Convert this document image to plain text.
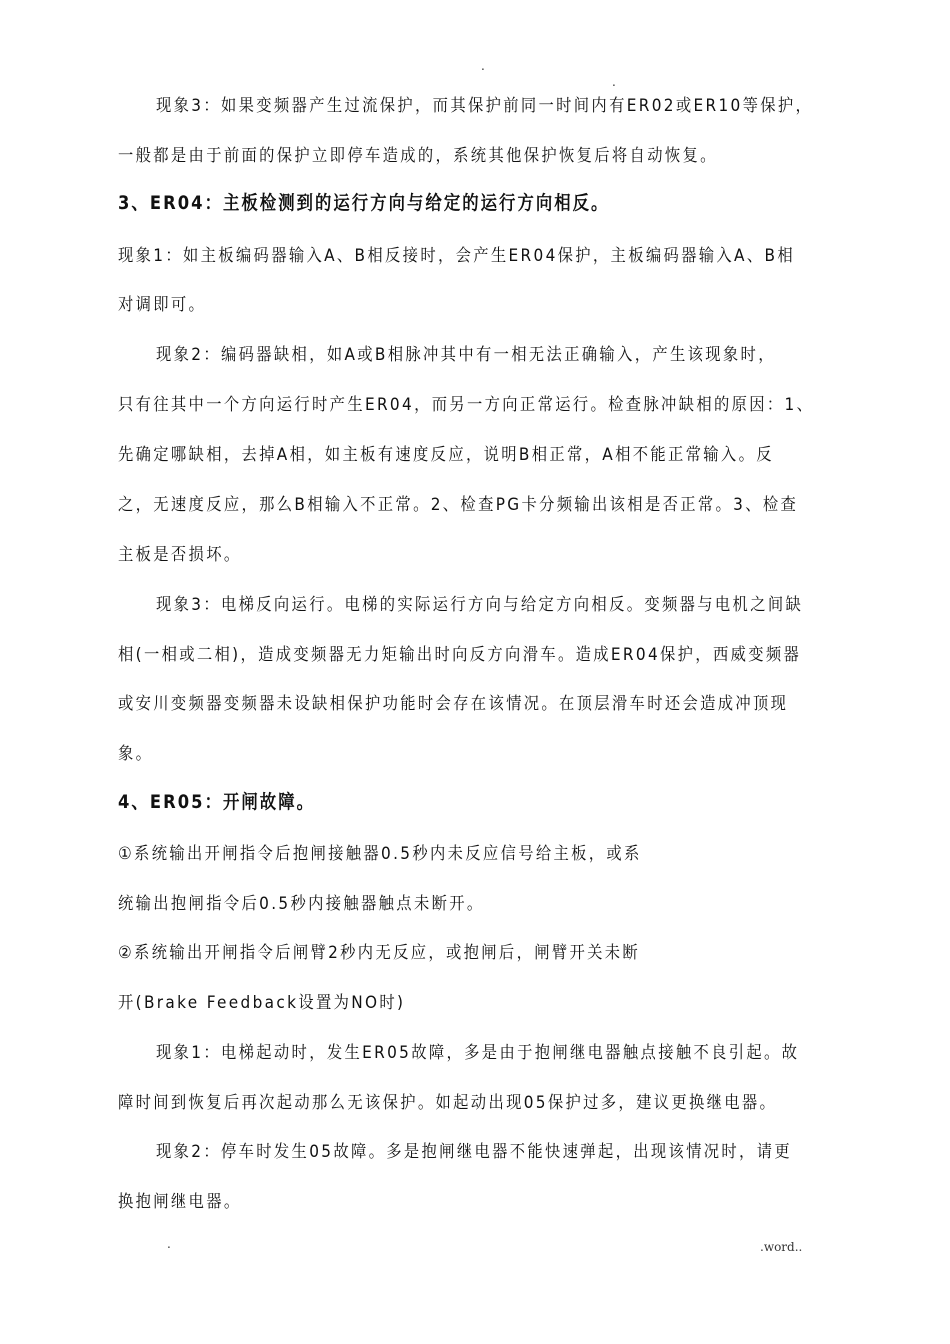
.
.
现象3：如果变频器产生过流保护，而其保护前同一时间内有ER02或ER10等保护，
一般都是由于前面的保护立即停车造成的，系统其他保护恢复后将自动恢复。
3、ER04：主板检测到的运行方向与给定的运行方向相反。
现象1：如主板编码器输入A、B相反接时，会产生ER04保护，主板编码器输入A、B相
对调即可。
现象2：编码器缺相，如A或B相脉冲其中有一相无法正确输入，产生该现象时，
只有往其中一个方向运行时产生ER04，而另一方向正常运行。检查脉冲缺相的原因：1、
先确定哪缺相，去掉A相，如主板有速度反应，说明B相正常，A相不能正常输入。反
之，无速度反应，那么B相输入不正常。2、检查PG卡分频输出该相是否正常。3、检查
主板是否损坏。
现象3：电梯反向运行。电梯的实际运行方向与给定方向相反。变频器与电机之间缺
相(一相或二相)，造成变频器无力矩输出时向反方向滑车。造成ER04保护，西威变频器
或安川变频器变频器未设缺相保护功能时会存在该情况。在顶层滑车时还会造成冲顶现
象。
4、ER05：开闸故障。
①系统输出开闸指令后抱闸接触器0.5秒内未反应信号给主板，或系
统输出抱闸指令后0.5秒内接触器触点未断开。
②系统输出开闸指令后闸臂2秒内无反应，或抱闸后，闸臂开关未断
开(Brake Feedback设置为NO时)
现象1：电梯起动时，发生ER05故障，多是由于抱闸继电器触点接触不良引起。故
障时间到恢复后再次起动那么无该保护。如起动出现05保护过多，建议更换继电器。
现象2：停车时发生05故障。多是抱闸继电器不能快速弹起，出现该情况时，请更
换抱闸继电器。
.	.word..
